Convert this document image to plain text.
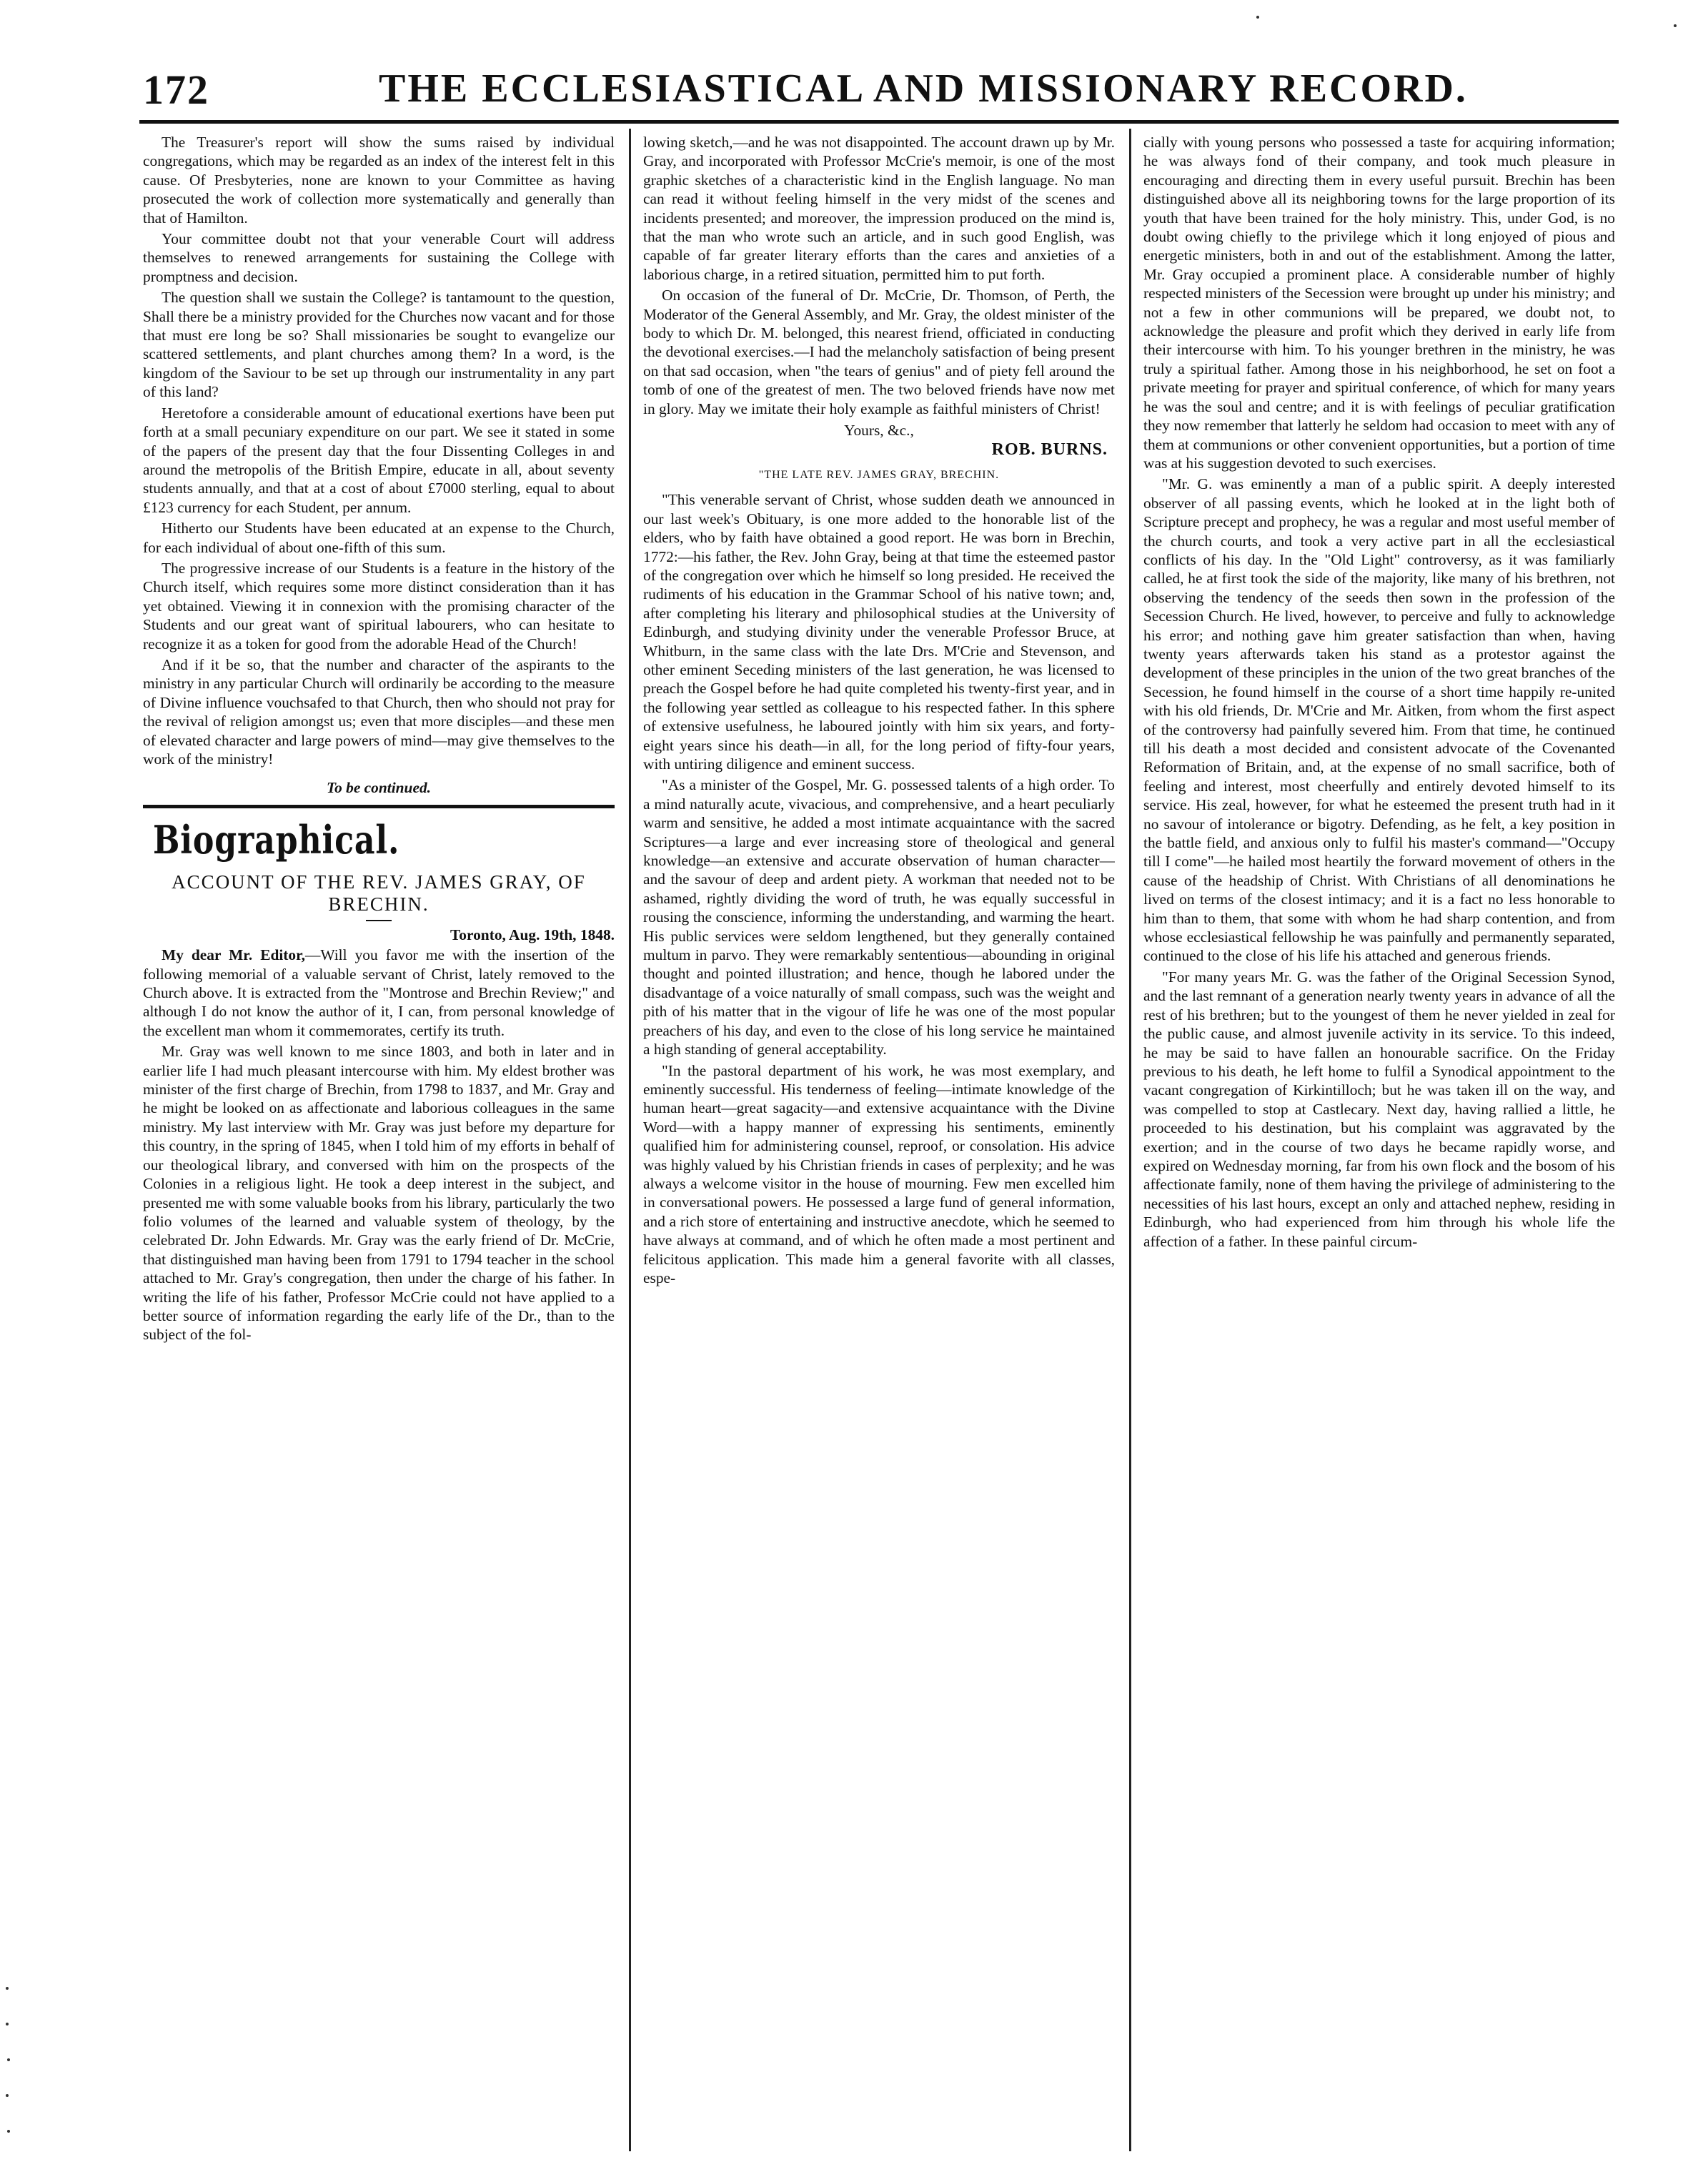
172	THE ECCLESIASTICAL AND MISSIONARY RECORD.

The Treasurer's report will show the sums raised by individual congregations, which may be regarded as an index of the interest felt in this cause. Of Presbyteries, none are known to your Committee as having prosecuted the work of collection more systematically and generally than that of Hamilton.

Your committee doubt not that your venerable Court will address themselves to renewed arrangements for sustaining the College with promptness and decision.

The question shall we sustain the College? is tantamount to the question, Shall there be a ministry provided for the Churches now vacant and for those that must ere long be so? Shall missionaries be sought to evangelize our scattered settlements, and plant churches among them? In a word, is the kingdom of the Saviour to be set up through our instrumentality in any part of this land?

Heretofore a considerable amount of educational exertions have been put forth at a small pecuniary expenditure on our part. We see it stated in some of the papers of the present day that the four Dissenting Colleges in and around the metropolis of the British Empire, educate in all, about seventy students annually, and that at a cost of about £7000 sterling, equal to about £123 currency for each Student, per annum.

Hitherto our Students have been educated at an expense to the Church, for each individual of about one-fifth of this sum.

The progressive increase of our Students is a feature in the history of the Church itself, which requires some more distinct consideration than it has yet obtained. Viewing it in connexion with the promising character of the Students and our great want of spiritual labourers, who can hesitate to recognize it as a token for good from the adorable Head of the Church!

And if it be so, that the number and character of the aspirants to the ministry in any particular Church will ordinarily be according to the measure of Divine influence vouchsafed to that Church, then who should not pray for the revival of religion amongst us; even that more disciples—and these men of elevated character and large powers of mind—may give themselves to the work of the ministry!

To be continued.

Biographical.
ACCOUNT OF THE REV. JAMES GRAY, OF BRECHIN.

Toronto, Aug. 19th, 1848.

My dear Mr. Editor,—Will you favor me with the insertion of the following memorial of a valuable servant of Christ, lately removed to the Church above. It is extracted from the "Montrose and Brechin Review;" and although I do not know the author of it, I can, from personal knowledge of the excellent man whom it commemorates, certify its truth.

Mr. Gray was well known to me since 1803, and both in later and in earlier life I had much pleasant intercourse with him. My eldest brother was minister of the first charge of Brechin, from 1798 to 1837, and Mr. Gray and he might be looked on as affectionate and laborious colleagues in the same ministry. My last interview with Mr. Gray was just before my departure for this country, in the spring of 1845, when I told him of my efforts in behalf of our theological library, and conversed with him on the prospects of the Colonies in a religious light. He took a deep interest in the subject, and presented me with some valuable books from his library, particularly the two folio volumes of the learned and valuable system of theology, by the celebrated Dr. John Edwards. Mr. Gray was the early friend of Dr. McCrie, that distinguished man having been from 1791 to 1794 teacher in the school attached to Mr. Gray's congregation, then under the charge of his father. In writing the life of his father, Professor McCrie could not have applied to a better source of information regarding the early life of the Dr., than to the subject of the fol-

lowing sketch,—and he was not disappointed. The account drawn up by Mr. Gray, and incorporated with Professor McCrie's memoir, is one of the most graphic sketches of a characteristic kind in the English language. No man can read it without feeling himself in the very midst of the scenes and incidents presented; and moreover, the impression produced on the mind is, that the man who wrote such an article, and in such good English, was capable of far greater literary efforts than the cares and anxieties of a laborious charge, in a retired situation, permitted him to put forth.

On occasion of the funeral of Dr. McCrie, Dr. Thomson, of Perth, the Moderator of the General Assembly, and Mr. Gray, the oldest minister of the body to which Dr. M. belonged, this nearest friend, officiated in conducting the devotional exercises.—I had the melancholy satisfaction of being present on that sad occasion, when "the tears of genius" and of piety fell around the tomb of one of the greatest of men. The two beloved friends have now met in glory. May we imitate their holy example as faithful ministers of Christ!

Yours, &c.,

ROB. BURNS.

"THE LATE REV. JAMES GRAY, BRECHIN.

"This venerable servant of Christ, whose sudden death we announced in our last week's Obituary, is one more added to the honorable list of the elders, who by faith have obtained a good report. He was born in Brechin, 1772:—his father, the Rev. John Gray, being at that time the esteemed pastor of the congregation over which he himself so long presided. He received the rudiments of his education in the Grammar School of his native town; and, after completing his literary and philosophical studies at the University of Edinburgh, and studying divinity under the venerable Professor Bruce, at Whitburn, in the same class with the late Drs. M'Crie and Stevenson, and other eminent Seceding ministers of the last generation, he was licensed to preach the Gospel before he had quite completed his twenty-first year, and in the following year settled as colleague to his respected father. In this sphere of extensive usefulness, he laboured jointly with him six years, and forty-eight years since his death—in all, for the long period of fifty-four years, with untiring diligence and eminent success.

"As a minister of the Gospel, Mr. G. possessed talents of a high order. To a mind naturally acute, vivacious, and comprehensive, and a heart peculiarly warm and sensitive, he added a most intimate acquaintance with the sacred Scriptures—a large and ever increasing store of theological and general knowledge—an extensive and accurate observation of human character—and the savour of deep and ardent piety. A workman that needed not to be ashamed, rightly dividing the word of truth, he was equally successful in rousing the conscience, informing the understanding, and warming the heart. His public services were seldom lengthened, but they generally contained multum in parvo. They were remarkably sententious—abounding in original thought and pointed illustration; and hence, though he labored under the disadvantage of a voice naturally of small compass, such was the weight and pith of his matter that in the vigour of life he was one of the most popular preachers of his day, and even to the close of his long service he maintained a high standing of general acceptability.

"In the pastoral department of his work, he was most exemplary, and eminently successful. His tenderness of feeling—intimate knowledge of the human heart—great sagacity—and extensive acquaintance with the Divine Word—with a happy manner of expressing his sentiments, eminently qualified him for administering counsel, reproof, or consolation. His advice was highly valued by his Christian friends in cases of perplexity; and he was always a welcome visitor in the house of mourning. Few men excelled him in conversational powers. He possessed a large fund of general information, and a rich store of entertaining and instructive anecdote, which he seemed to have always at command, and of which he often made a most pertinent and felicitous application. This made him a general favorite with all classes, espe-

cially with young persons who possessed a taste for acquiring information; he was always fond of their company, and took much pleasure in encouraging and directing them in every useful pursuit. Brechin has been distinguished above all its neighboring towns for the large proportion of its youth that have been trained for the holy ministry. This, under God, is no doubt owing chiefly to the privilege which it long enjoyed of pious and energetic ministers, both in and out of the establishment. Among the latter, Mr. Gray occupied a prominent place. A considerable number of highly respected ministers of the Secession were brought up under his ministry; and not a few in other communions will be prepared, we doubt not, to acknowledge the pleasure and profit which they derived in early life from their intercourse with him. To his younger brethren in the ministry, he was truly a spiritual father. Among those in his neighborhood, he set on foot a private meeting for prayer and spiritual conference, of which for many years he was the soul and centre; and it is with feelings of peculiar gratification they now remember that latterly he seldom had occasion to meet with any of them at communions or other convenient opportunities, but a portion of time was at his suggestion devoted to such exercises.

"Mr. G. was eminently a man of a public spirit. A deeply interested observer of all passing events, which he looked at in the light both of Scripture precept and prophecy, he was a regular and most useful member of the church courts, and took a very active part in all the ecclesiastical conflicts of his day. In the "Old Light" controversy, as it was familiarly called, he at first took the side of the majority, like many of his brethren, not observing the tendency of the seeds then sown in the profession of the Secession Church. He lived, however, to perceive and fully to acknowledge his error; and nothing gave him greater satisfaction than when, having twenty years afterwards taken his stand as a protestor against the development of these principles in the union of the two great branches of the Secession, he found himself in the course of a short time happily re-united with his old friends, Dr. M'Crie and Mr. Aitken, from whom the first aspect of the controversy had painfully severed him. From that time, he continued till his death a most decided and consistent advocate of the Covenanted Reformation of Britain, and, at the expense of no small sacrifice, both of feeling and interest, most cheerfully and entirely devoted himself to its service. His zeal, however, for what he esteemed the present truth had in it no savour of intolerance or bigotry. Defending, as he felt, a key position in the battle field, and anxious only to fulfil his master's command—"Occupy till I come"—he hailed most heartily the forward movement of others in the cause of the headship of Christ. With Christians of all denominations he lived on terms of the closest intimacy; and it is a fact no less honorable to him than to them, that some with whom he had sharp contention, and from whose ecclesiastical fellowship he was painfully and permanently separated, continued to the close of his life his attached and generous friends.

"For many years Mr. G. was the father of the Original Secession Synod, and the last remnant of a generation nearly twenty years in advance of all the rest of his brethren; but to the youngest of them he never yielded in zeal for the public cause, and almost juvenile activity in its service. To this indeed, he may be said to have fallen an honourable sacrifice. On the Friday previous to his death, he left home to fulfil a Synodical appointment to the vacant congregation of Kirkintilloch; but he was taken ill on the way, and was compelled to stop at Castlecary. Next day, having rallied a little, he proceeded to his destination, but his complaint was aggravated by the exertion; and in the course of two days he became rapidly worse, and expired on Wednesday morning, far from his own flock and the bosom of his affectionate family, none of them having the privilege of administering to the necessities of his last hours, except an only and attached nephew, residing in Edinburgh, who had experienced from him through his whole life the affection of a father. In these painful circum-
